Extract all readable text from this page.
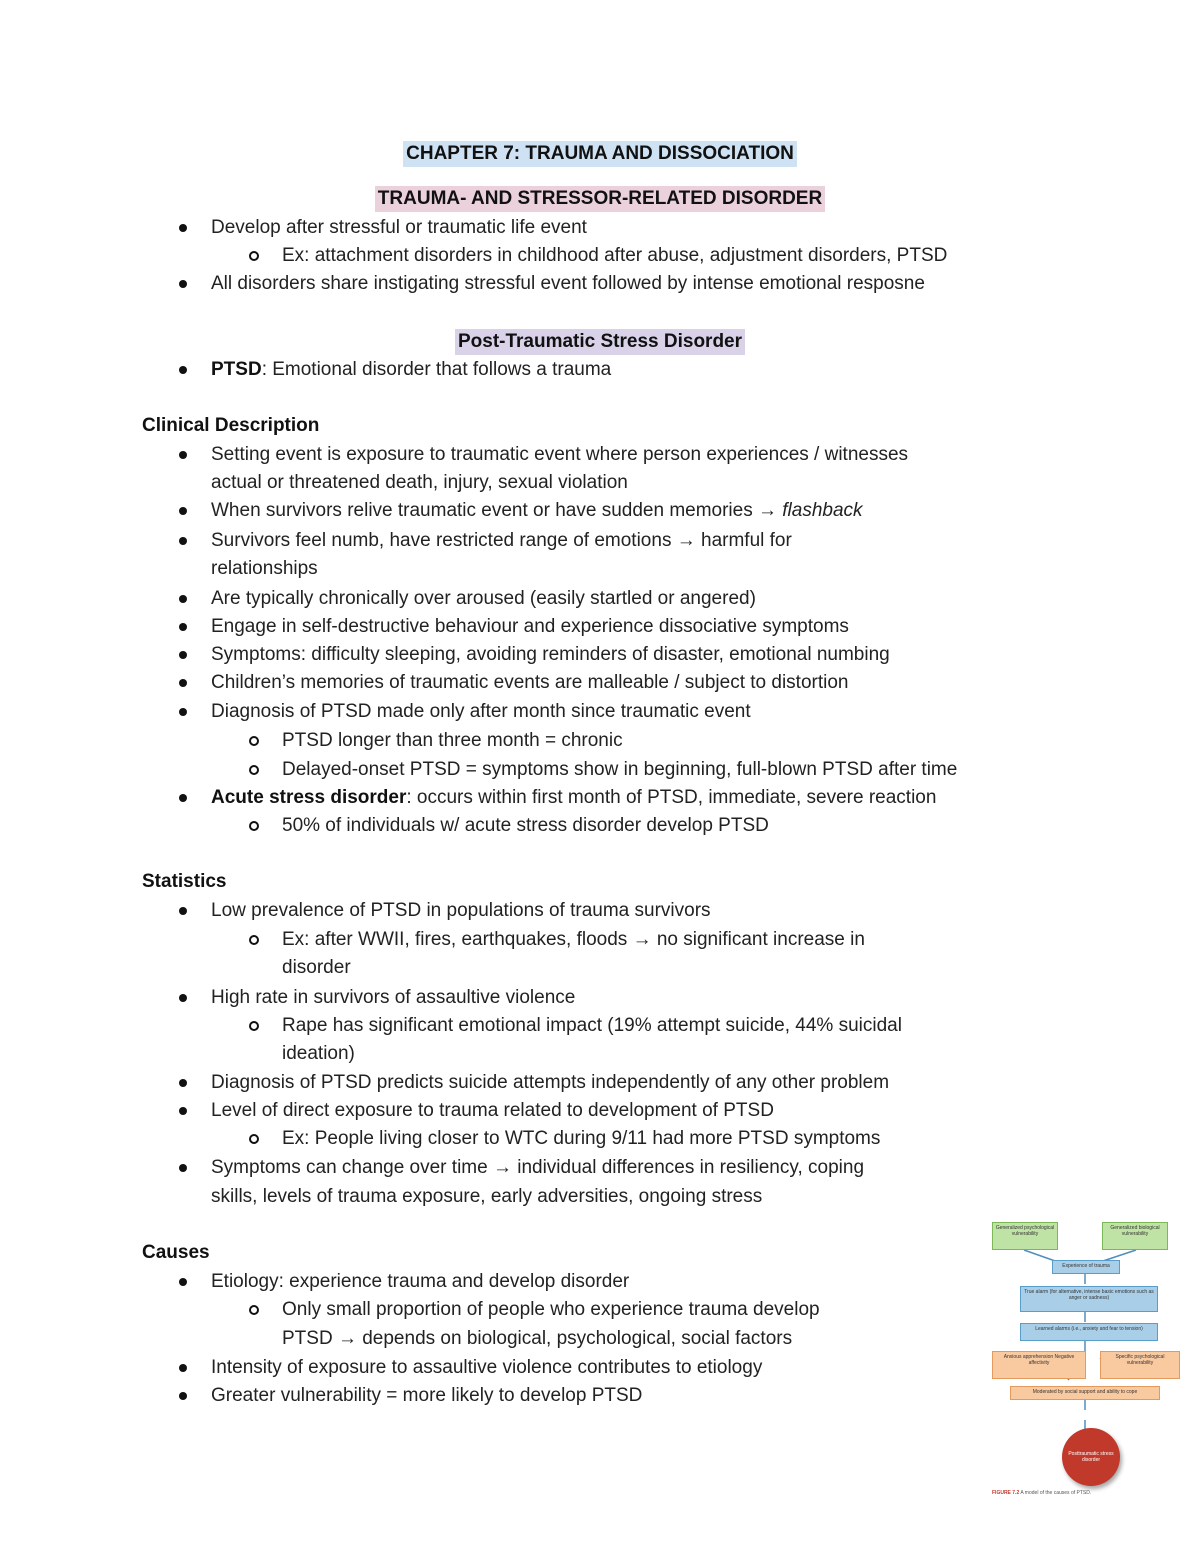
CHAPTER 7: TRAUMA AND DISSOCIATION
TRAUMA- AND STRESSOR-RELATED DISORDER
Develop after stressful or traumatic life event
Ex: attachment disorders in childhood after abuse, adjustment disorders, PTSD
All disorders share instigating stressful event followed by intense emotional resposne
Post-Traumatic Stress Disorder
PTSD: Emotional disorder that follows a trauma
Clinical Description
Setting event is exposure to traumatic event where person experiences / witnesses
actual or threatened death, injury, sexual violation
When survivors relive traumatic event or have sudden memories → flashback
Survivors feel numb, have restricted range of emotions → harmful for
relationships
Are typically chronically over aroused (easily startled or angered)
Engage in self-destructive behaviour and experience dissociative symptoms
Symptoms: difficulty sleeping, avoiding reminders of disaster, emotional numbing
Children’s memories of traumatic events are malleable / subject to distortion
Diagnosis of PTSD made only after month since traumatic event
PTSD longer than three month = chronic
Delayed-onset PTSD = symptoms show in beginning, full-blown PTSD after time
Acute stress disorder: occurs within first month of PTSD, immediate, severe reaction
50% of individuals w/ acute stress disorder develop PTSD
Statistics
Low prevalence of PTSD in populations of trauma survivors
Ex: after WWII, fires, earthquakes, floods → no significant increase in
disorder
High rate in survivors of assaultive violence
Rape has significant emotional impact (19% attempt suicide, 44% suicidal
ideation)
Diagnosis of PTSD predicts suicide attempts independently of any other problem
Level of direct exposure to trauma related to development of PTSD
Ex: People living closer to WTC during 9/11 had more PTSD symptoms
Symptoms can change over time → individual differences in resiliency, coping
skills, levels of trauma exposure, early adversities, ongoing stress
Causes
Etiology: experience trauma and develop disorder
Only small proportion of people who experience trauma develop
PTSD → depends on biological, psychological, social factors
Intensity of exposure to assaultive violence contributes to etiology
Greater vulnerability = more likely to develop PTSD
Generalized psychological vulnerability
Generalized biological vulnerability
Experience of trauma
True alarm (for alternative, intense basic emotions such as anger or sadness)
Learned alarms (i.e., anxiety and fear to tension)
Anxious apprehension Negative affectivity
Specific psychological vulnerability
Moderated by social support and ability to cope
Posttraumatic stress disorder
FIGURE 7.2 A model of the causes of PTSD.
